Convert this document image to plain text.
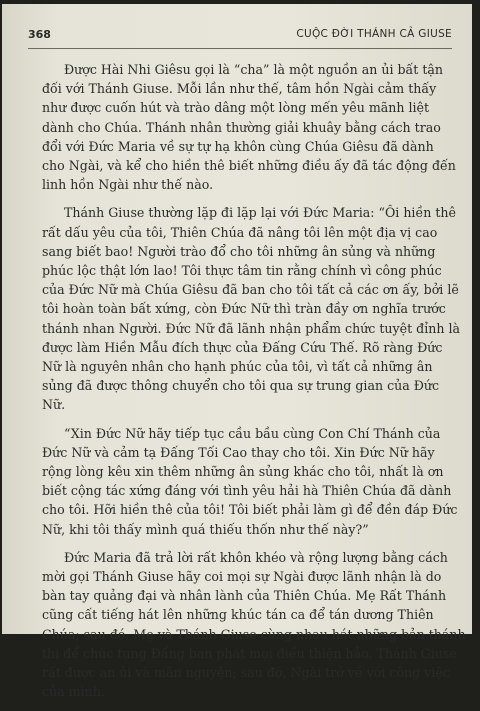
368	CUỘC ĐỜI THÁNH CẢ GIUSE
Được Hài Nhi Giêsu gọi là “cha” là một nguồn an ủi bất tận
đối với Thánh Giuse. Mỗi lần như thế, tâm hồn Ngài cảm thấy
như được cuốn hút và trào dâng một lòng mến yêu mãnh liệt
dành cho Chúa. Thánh nhân thường giải khuây bằng cách trao
đổi với Đức Maria về sự tự hạ khôn cùng Chúa Giêsu đã dành
cho Ngài, và kể cho hiền thê biết những điều ấy đã tác động đến
linh hồn Ngài như thế nào.
Thánh Giuse thường lặp đi lặp lại với Đức Maria: “Ôi hiền thê
rất dấu yêu của tôi, Thiên Chúa đã nâng tôi lên một địa vị cao
sang biết bao! Người trào đổ cho tôi những ân sủng và những
phúc lộc thật lớn lao! Tôi thực tâm tin rằng chính vì công phúc
của Đức Nữ mà Chúa Giêsu đã ban cho tôi tất cả các ơn ấy, bởi lẽ
tôi hoàn toàn bất xứng, còn Đức Nữ thì tràn đầy ơn nghĩa trước
thánh nhan Người. Đức Nữ đã lãnh nhận phẩm chức tuyệt đỉnh là
được làm Hiền Mẫu đích thực của Đấng Cứu Thế. Rõ ràng Đức
Nữ là nguyên nhân cho hạnh phúc của tôi, vì tất cả những ân
sủng đã được thông chuyển cho tôi qua sự trung gian của Đức
Nữ.
“Xin Đức Nữ hãy tiếp tục cầu bầu cùng Con Chí Thánh của
Đức Nữ và cảm tạ Đấng Tối Cao thay cho tôi. Xin Đức Nữ hãy
rộng lòng kêu xin thêm những ân sủng khác cho tôi, nhất là ơn
biết cộng tác xứng đáng với tình yêu hải hà Thiên Chúa đã dành
cho tôi. Hỡi hiền thê của tôi! Tôi biết phải làm gì để đền đáp Đức
Nữ, khi tôi thấy mình quá thiếu thốn như thế này?”
Đức Maria đã trả lời rất khôn khéo và rộng lượng bằng cách
mời gọi Thánh Giuse hãy coi mọi sự Ngài được lãnh nhận là do
bàn tay quảng đại và nhân lành của Thiên Chúa. Mẹ Rất Thánh
cũng cất tiếng hát lên những khúc tán ca để tán dương Thiên
Chúa; sau đó, Mẹ và Thánh Giuse cùng nhau hát những bản thánh
thi để chúc tụng Đấng ban phát mọi điều thiện hảo. Thánh Giuse
rất được an ủi và mãn nguyện; sau đó, Ngài trở về với công việc
của mình.
